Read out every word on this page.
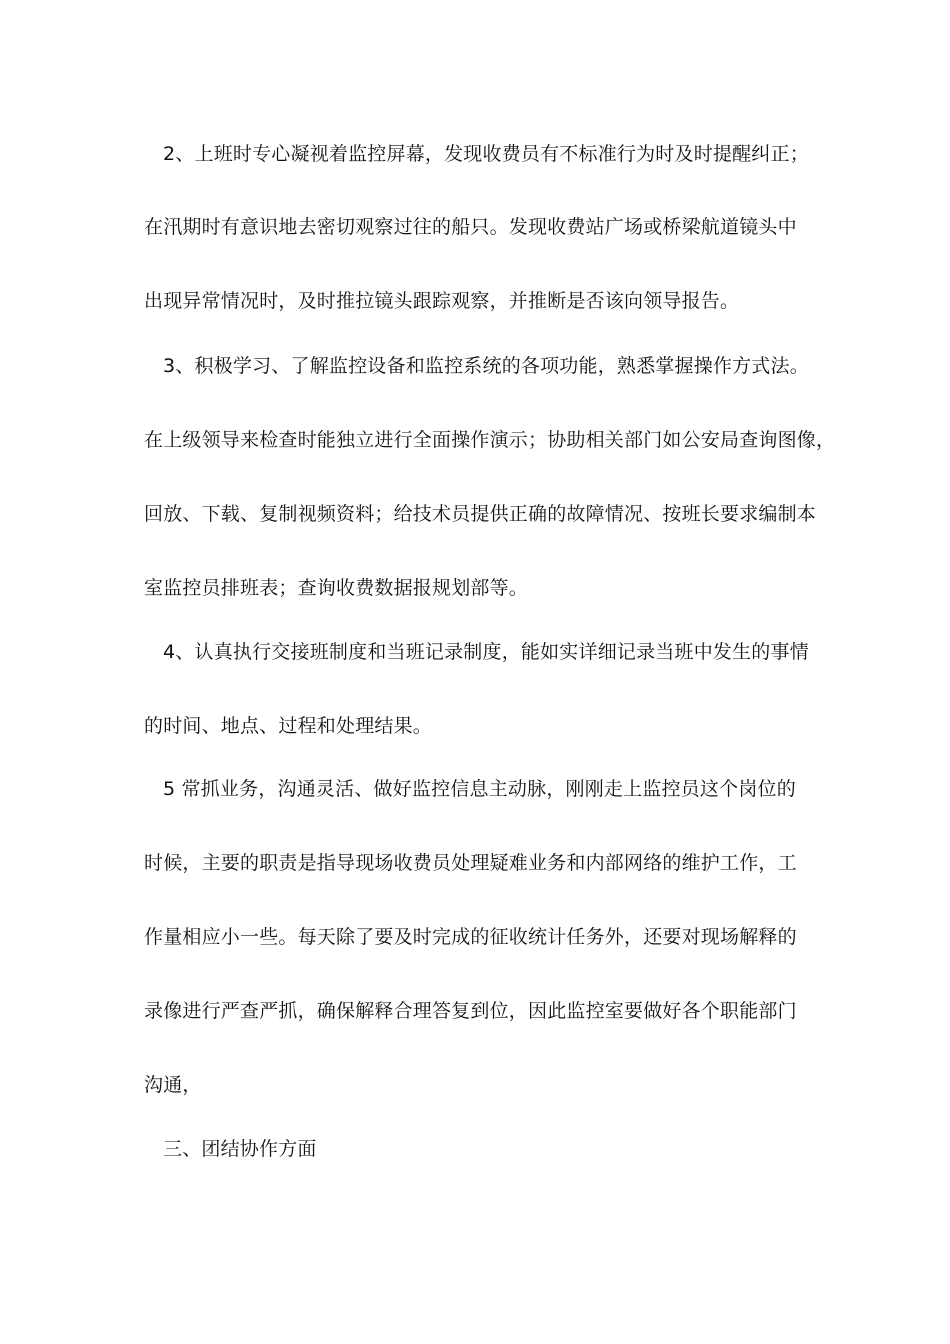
2、上班时专心凝视着监控屏幕，发现收费员有不标准行为时及时提醒纠正；
在汛期时有意识地去密切观察过往的船只。发现收费站广场或桥梁航道镜头中
出现异常情况时，及时推拉镜头跟踪观察，并推断是否该向领导报告。
3、积极学习、了解监控设备和监控系统的各项功能，熟悉掌握操作方式法。
在上级领导来检查时能独立进行全面操作演示；协助相关部门如公安局查询图像，
回放、下载、复制视频资料；给技术员提供正确的故障情况、按班长要求编制本
室监控员排班表；查询收费数据报规划部等。
4、认真执行交接班制度和当班记录制度，能如实详细记录当班中发生的事情
的时间、地点、过程和处理结果。
5 常抓业务，沟通灵活、做好监控信息主动脉，刚刚走上监控员这个岗位的
时候，主要的职责是指导现场收费员处理疑难业务和内部网络的维护工作，工
作量相应小一些。每天除了要及时完成的征收统计任务外，还要对现场解释的
录像进行严查严抓，确保解释合理答复到位，因此监控室要做好各个职能部门
沟通，
三、团结协作方面
